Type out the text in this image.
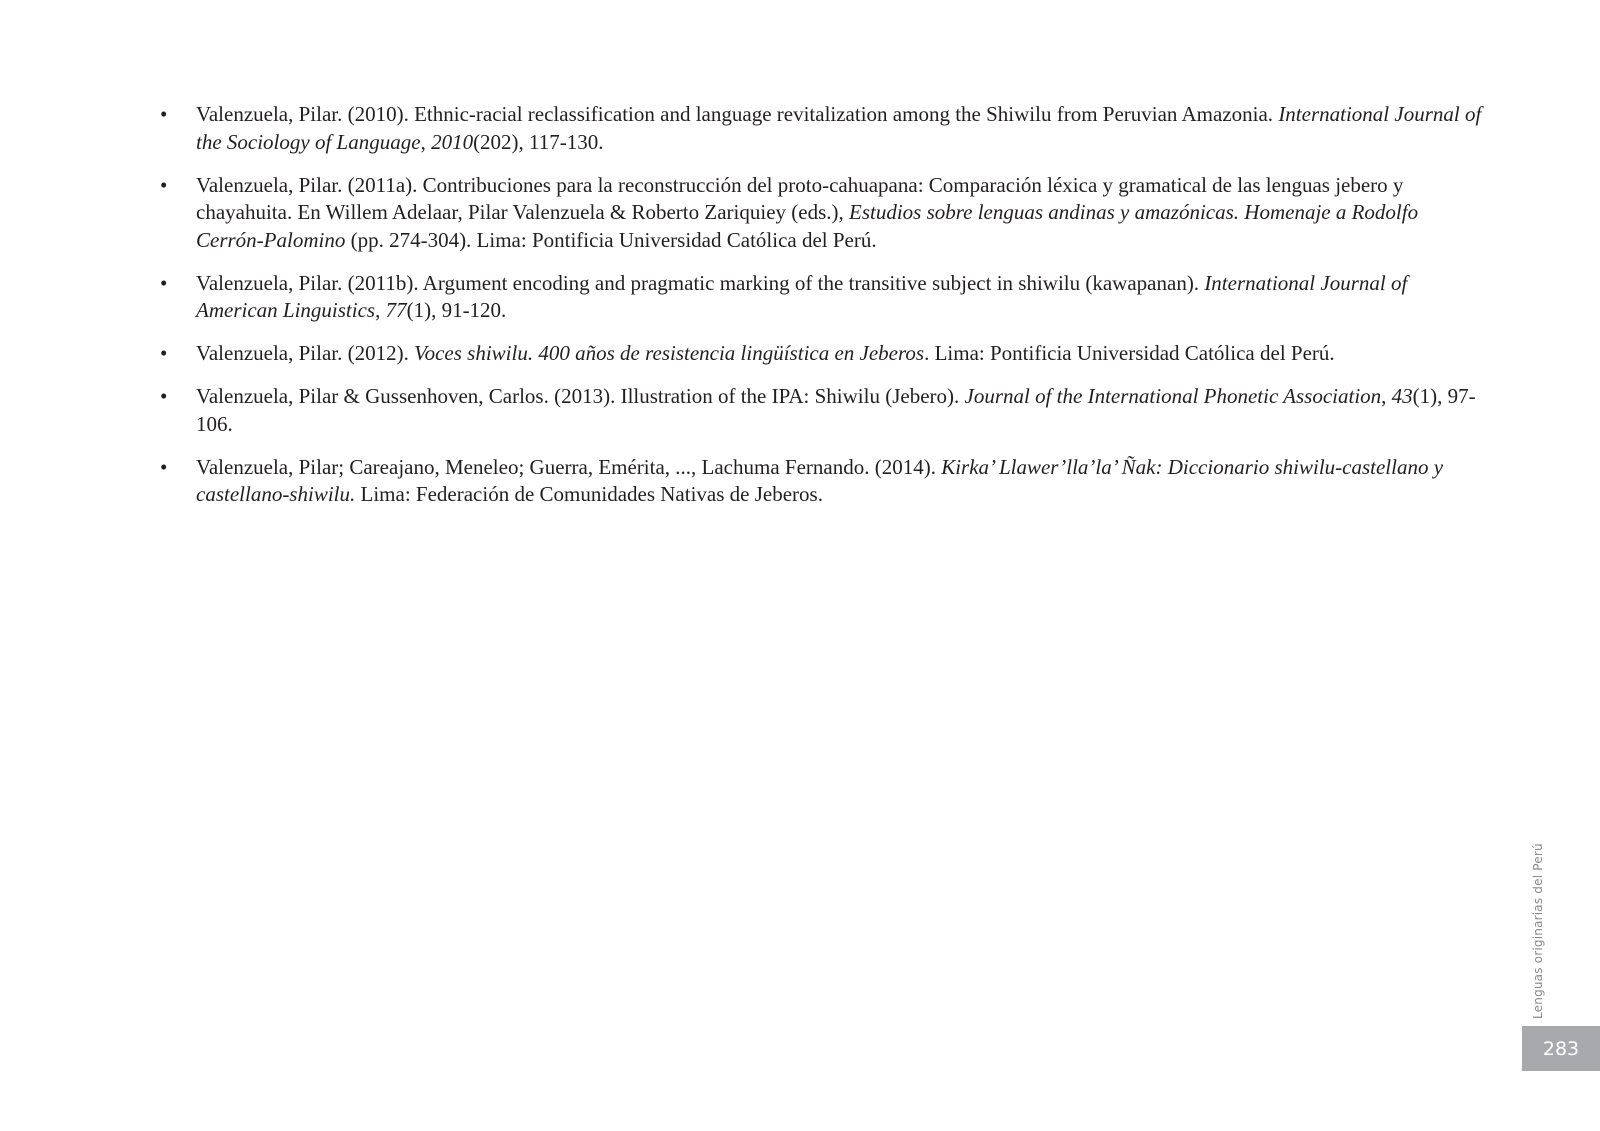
• Valenzuela, Pilar. (2010). Ethnic-racial reclassification and language revitalization among the Shiwilu from Peruvian Amazonia. International Journal of the Sociology of Language, 2010(202), 117-130.
• Valenzuela, Pilar. (2011a). Contribuciones para la reconstrucción del proto-cahuapana: Comparación léxica y gramatical de las lenguas jebero y chayahuita. En Willem Adelaar, Pilar Valenzuela & Roberto Zariquiey (eds.), Estudios sobre lenguas andinas y amazónicas. Homenaje a Rodolfo Cerrón-Palomino (pp. 274-304). Lima: Pontificia Universidad Católica del Perú.
• Valenzuela, Pilar. (2011b). Argument encoding and pragmatic marking of the transitive subject in shiwilu (kawapanan). International Journal of American Linguistics, 77(1), 91-120.
• Valenzuela, Pilar. (2012). Voces shiwilu. 400 años de resistencia lingüística en Jeberos. Lima: Pontificia Universidad Católica del Perú.
• Valenzuela, Pilar & Gussenhoven, Carlos. (2013). Illustration of the IPA: Shiwilu (Jebero). Journal of the International Phonetic Association, 43(1), 97-106.
• Valenzuela, Pilar; Careajano, Meneleo; Guerra, Emérita, ..., Lachuma Fernando. (2014). Kirka’ Llawer’lla’la’ Ñak: Diccionario shiwilu-castellano y castellano-shiwilu. Lima: Federación de Comunidades Nativas de Jeberos.
Lenguas originarias del Perú
283
